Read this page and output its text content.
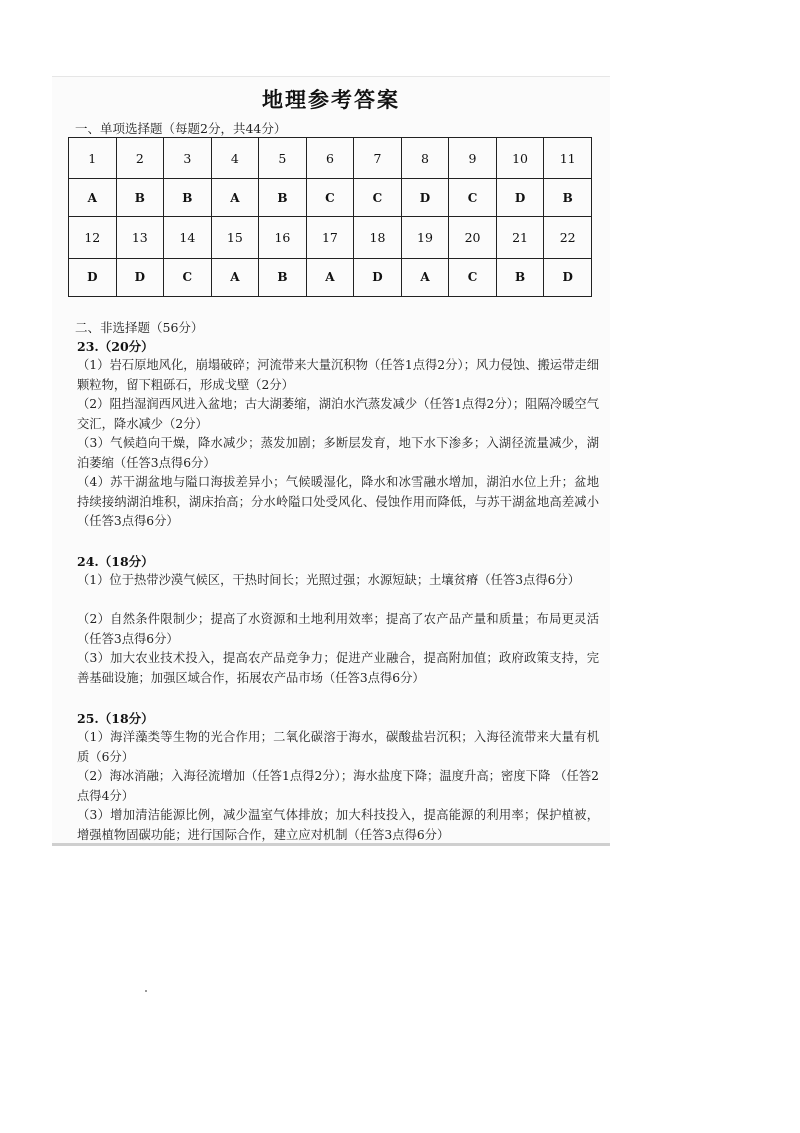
地理参考答案
一、单项选择题（每题2分，共44分）
1	2	3	4	5	6	7	8	9	10	11
A	B	B	A	B	C	C	D	C	D	B
12	13	14	15	16	17	18	19	20	21	22
D	D	C	A	B	A	D	A	C	B	D
二、非选择题（56分）
23.（20分）

（1）岩石原地风化，崩塌破碎；河流带来大量沉积物（任答1点得2分）；风力侵蚀、搬运带走细颗粒物，留下粗砾石，形成戈壁（2分）

（2）阻挡湿润西风进入盆地；古大湖萎缩，湖泊水汽蒸发减少（任答1点得2分）；阻隔冷暖空气交汇，降水减少（2分）

（3）气候趋向干燥，降水减少；蒸发加剧；多断层发育，地下水下渗多；入湖径流量减少，湖泊萎缩（任答3点得6分）

（4）苏干湖盆地与隘口海拔差异小；气候暖湿化，降水和冰雪融水增加，湖泊水位上升；盆地持续接纳湖泊堆积，湖床抬高；分水岭隘口处受风化、侵蚀作用而降低，与苏干湖盆地高差减小（任答3点得6分）

24.（18分）

（1）位于热带沙漠气候区，干热时间长；光照过强；水源短缺；土壤贫瘠（任答3点得6分）

（2）自然条件限制少；提高了水资源和土地利用效率；提高了农产品产量和质量；布局更灵活（任答3点得6分）

（3）加大农业技术投入，提高农产品竞争力；促进产业融合，提高附加值；政府政策支持，完善基础设施；加强区域合作，拓展农产品市场（任答3点得6分）

25.（18分）

（1）海洋藻类等生物的光合作用；二氧化碳溶于海水，碳酸盐岩沉积；入海径流带来大量有机质（6分）

（2）海冰消融；入海径流增加（任答1点得2分）；海水盐度下降；温度升高；密度下降 （任答2点得4分）

（3）增加清洁能源比例，减少温室气体排放；加大科技投入，提高能源的利用率；保护植被，增强植物固碳功能；进行国际合作，建立应对机制（任答3点得6分）
